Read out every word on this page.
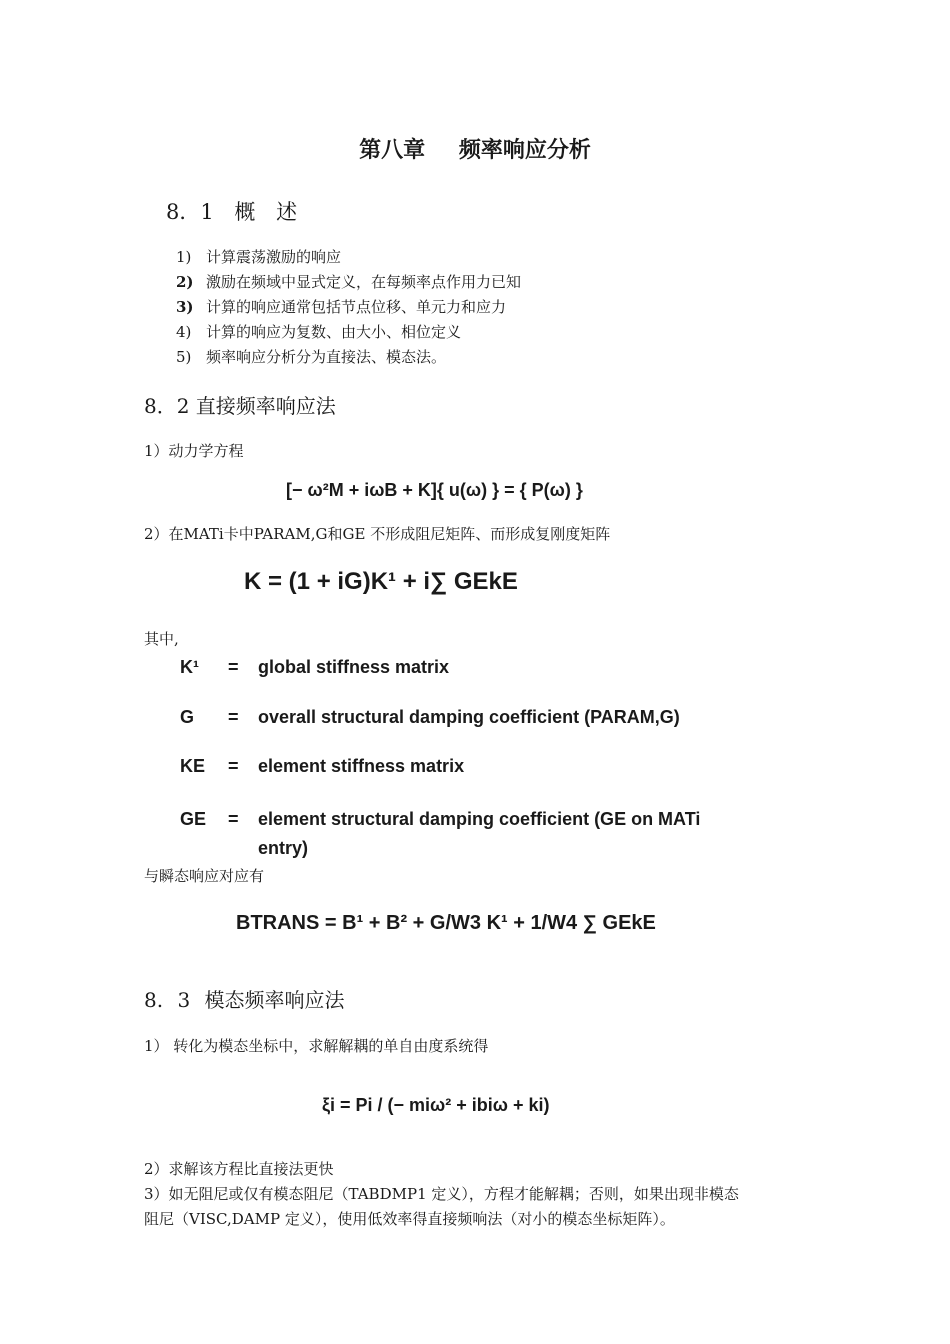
第八章 频率响应分析
8．1 概 述
1) 计算震荡激励的响应
2) 激励在频域中显式定义，在每频率点作用力已知
3) 计算的响应通常包括节点位移、单元力和应力
4) 计算的响应为复数、由大小、相位定义
5) 频率响应分析分为直接法、模态法。
8．2 直接频率响应法
1）动力学方程
[− ω²M + iωB + K]{ u(ω) } = { P(ω) }
2）在MATi卡中PARAM,G和GE 不形成阻尼矩阵、而形成复刚度矩阵
K = (1 + iG)K¹ + i∑ GEkE
其中,
K¹ = global stiffness matrix
G = overall structural damping coefficient (PARAM,G)
KE = element stiffness matrix
GE = element structural damping coefficient (GE on MATi
entry)
与瞬态响应对应有
BTRANS = B¹ + B² + G/W3 K¹ + 1/W4 ∑ GEkE
8. 3 模态频率响应法
1） 转化为模态坐标中，求解解耦的单自由度系统得
ξi = Pi / (− miω² + ibiω + ki)
2）求解该方程比直接法更快
3）如无阻尼或仅有模态阻尼（TABDMP1 定义），方程才能解耦；否则，如果出现非模态
阻尼（VISC,DAMP 定义），使用低效率得直接频响法（对小的模态坐标矩阵）。
